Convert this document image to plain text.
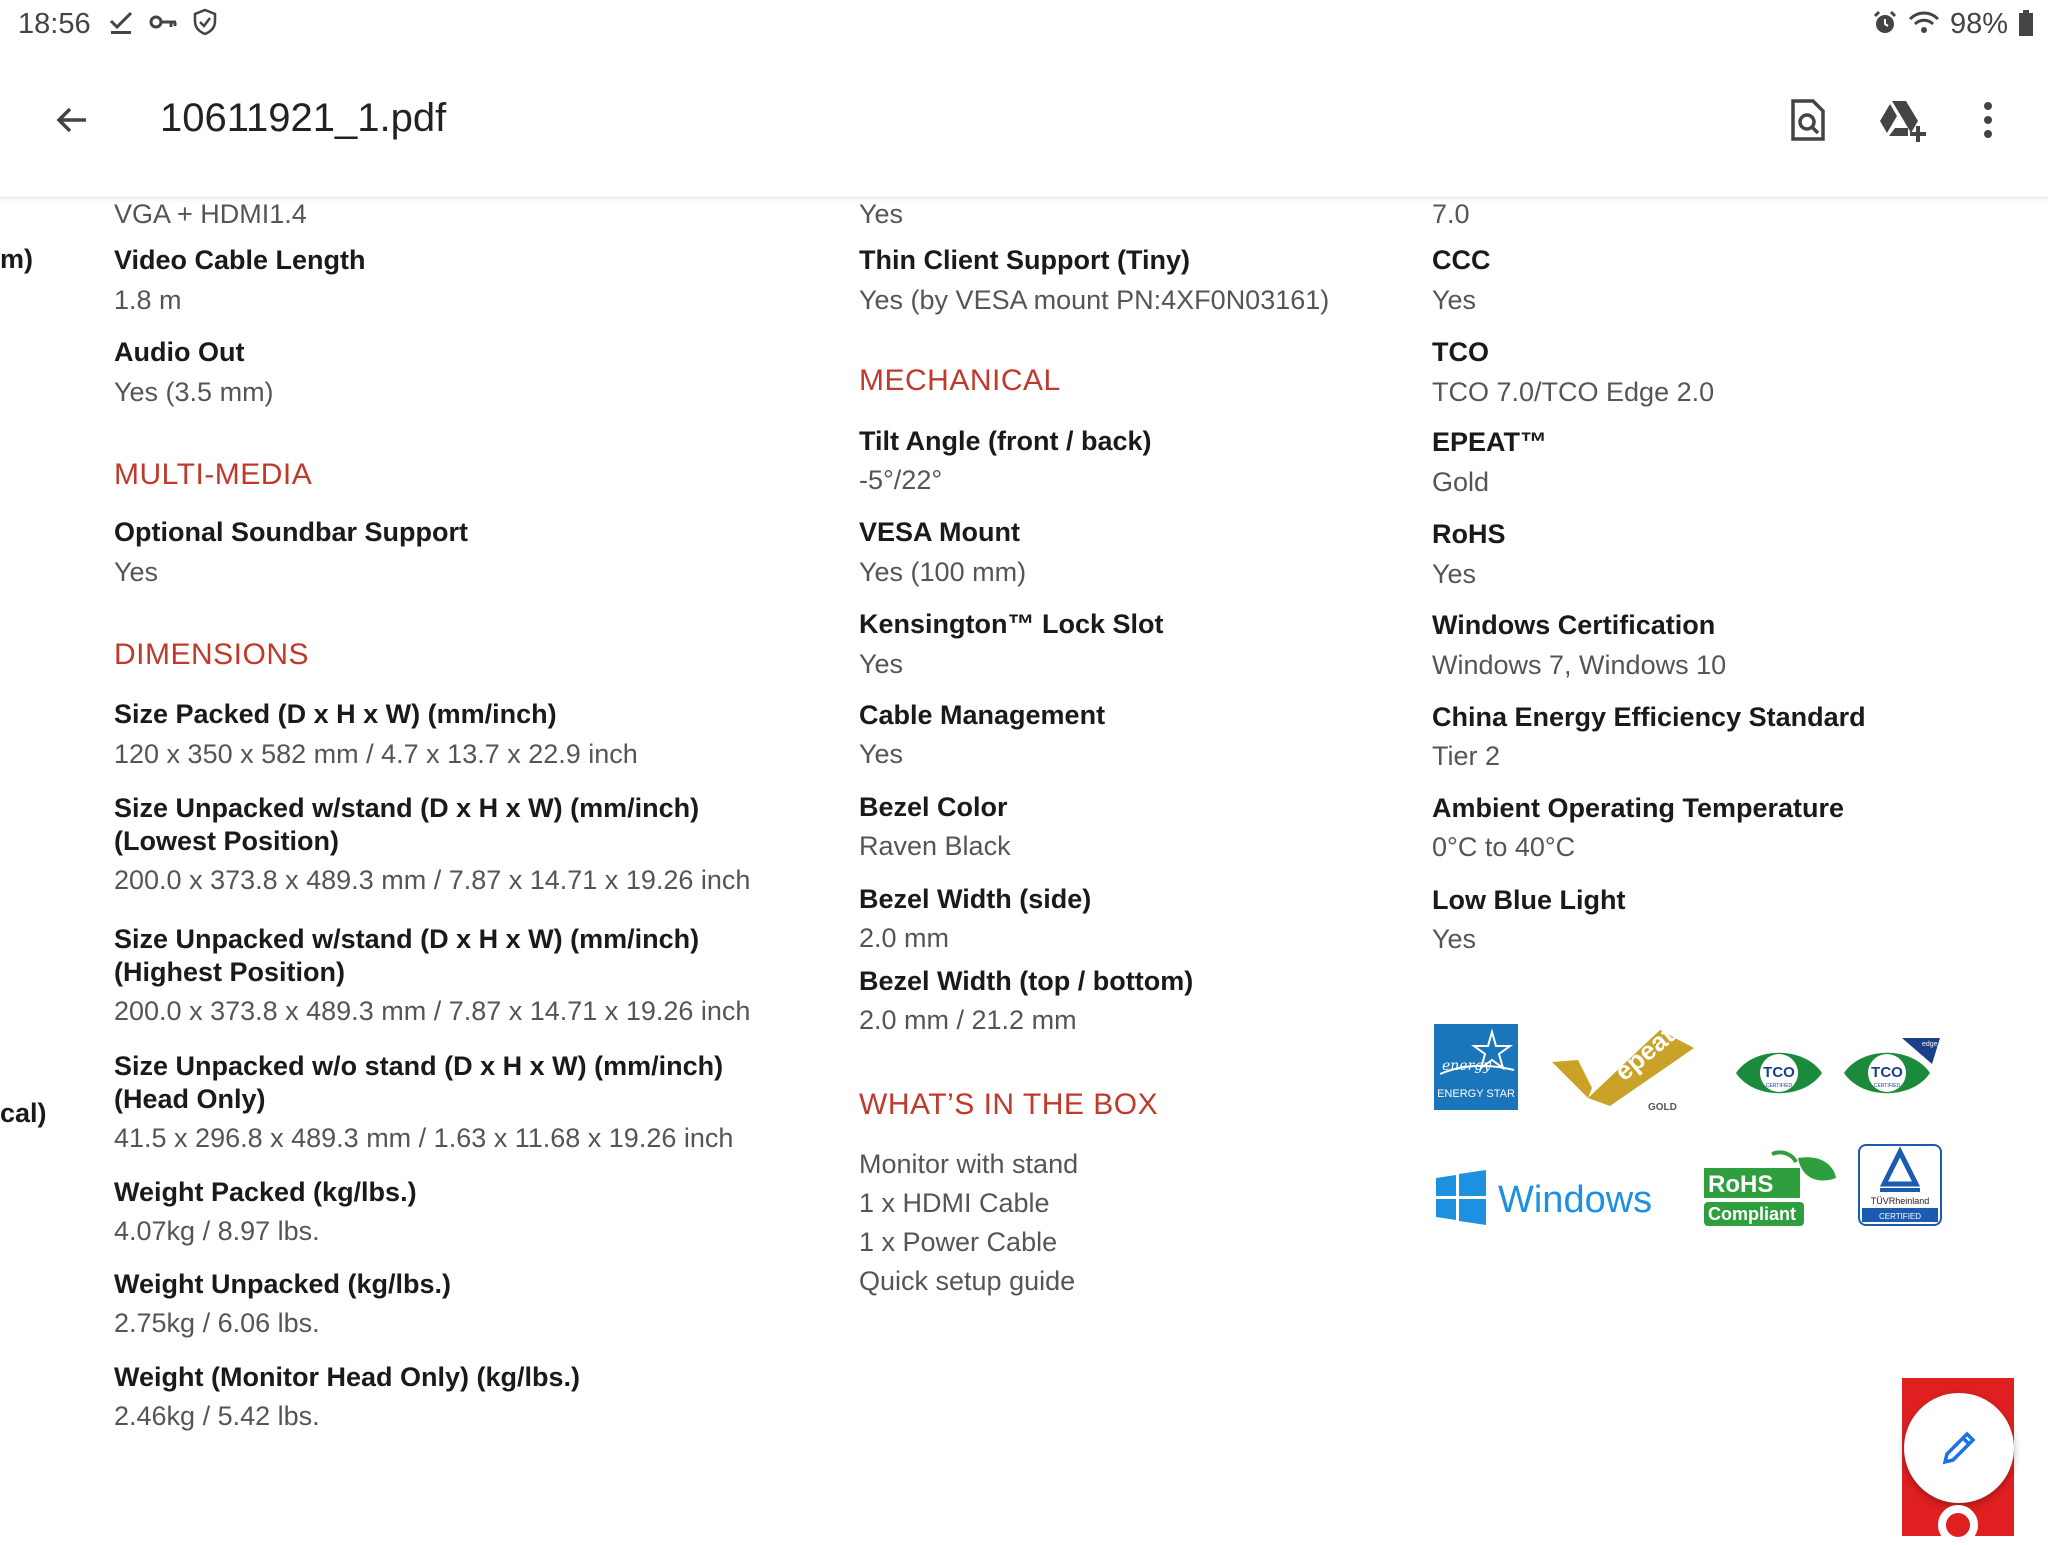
18:56	98%
10611921_1.pdf
m)
cal)
VGA + HDMI1.4
Video Cable Length
1.8 m
Audio Out
Yes (3.5 mm)
MULTI-MEDIA
Optional Soundbar Support
Yes
DIMENSIONS
Size Packed (D x H x W) (mm/inch)
120 x 350 x 582 mm / 4.7 x 13.7 x 22.9 inch
Size Unpacked w/stand (D x H x W) (mm/inch)
(Lowest Position)
200.0 x 373.8 x 489.3 mm / 7.87 x 14.71 x 19.26 inch
Size Unpacked w/stand (D x H x W) (mm/inch)
(Highest Position)
200.0 x 373.8 x 489.3 mm / 7.87 x 14.71 x 19.26 inch
Size Unpacked w/o stand (D x H x W) (mm/inch)
(Head Only)
41.5 x 296.8 x 489.3 mm / 1.63 x 11.68 x 19.26 inch
Weight Packed (kg/lbs.)
4.07kg / 8.97 lbs.
Weight Unpacked (kg/lbs.)
2.75kg / 6.06 lbs.
Weight (Monitor Head Only) (kg/lbs.)
2.46kg / 5.42 lbs.
Yes
Thin Client Support (Tiny)
Yes (by VESA mount PN:4XF0N03161)
MECHANICAL
Tilt Angle (front / back)
-5°/22°
VESA Mount
Yes (100 mm)
Kensington™ Lock Slot
Yes
Cable Management
Yes
Bezel Color
Raven Black
Bezel Width (side)
2.0 mm
Bezel Width (top / bottom)
2.0 mm / 21.2 mm
WHAT’S IN THE BOX
Monitor with stand
1 x HDMI Cable
1 x Power Cable
Quick setup guide
7.0
CCC
Yes
TCO
TCO 7.0/TCO Edge 2.0
EPEAT™
Gold
RoHS
Yes
Windows Certification
Windows 7, Windows 10
China Energy Efficiency Standard
Tier 2
Ambient Operating Temperature
0°C to 40°C
Low Blue Light
Yes
energy
ENERGY STAR
epeat
GOLD
TCO
CERTIFIED
edge
TCO
CERTIFIED
Windows RoHS
Compliant
TÜVRheinland
CERTIFIED
